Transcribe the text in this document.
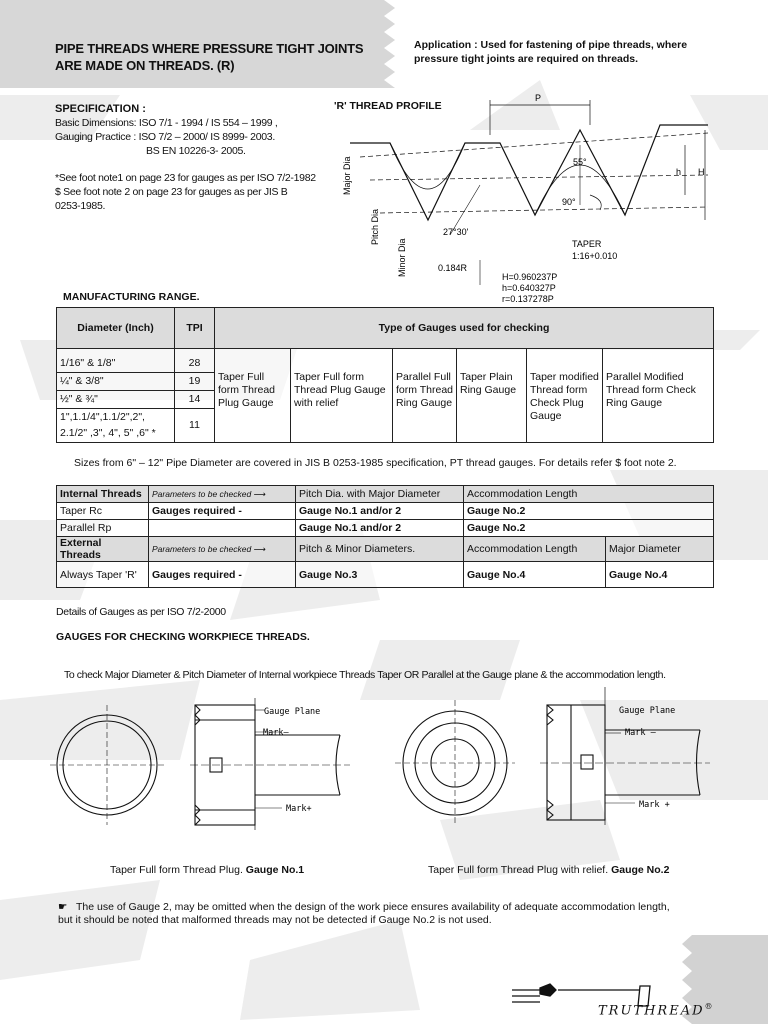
PIPE THREADS WHERE PRESSURE TIGHT JOINTS
ARE MADE ON THREADS. (R)
Application : Used for fastening of pipe threads, where
pressure tight joints are required on threads.
SPECIFICATION :
Basic Dimensions: ISO 7/1 - 1994 / IS 554 – 1999 ,
Gauging Practice : ISO 7/2 – 2000/ IS 8999- 2003.
BS EN 10226-3- 2005.
*See foot note1 on page 23 for gauges as per ISO 7/2-1982
$ See foot note 2 on page 23 for gauges as per JIS B
0253-1985.
'R' THREAD PROFILE
Major Dia
Pitch Dia
Minor Dia
P
55°
90°
27°30'
h H
TAPER
1:16+0.010
0.184R
H=0.960237P
h=0.640327P
r=0.137278P
MANUFACTURING RANGE.
Diameter (Inch)	TPI	Type of Gauges used for checking					
1/16" & 1/8"	28	Taper Full form Thread Plug Gauge	Taper Full form Thread Plug Gauge with relief	Parallel Full form Thread Ring Gauge	Taper Plain Ring Gauge	Taper modified Thread form Check Plug Gauge	Parallel Modified Thread form Check Ring Gauge
¼" & 3/8"	19						
½" & ¾"	14						

1",1.1/4",1.1/2",2",
2.1/2" ,3", 4", 5" ,6" *	11						
Sizes from 6" – 12" Pipe Diameter are covered in JIS B 0253-1985 specification, PT thread gauges. For details refer $ foot note 2.
Internal Threads	Parameters to be checked ⟶	Pitch Dia. with Major Diameter	Accommodation Length	
Taper Rc	Gauges required -	Gauge No.1 and/or 2	Gauge No.2	
Parallel Rp		Gauge No.1 and/or 2	Gauge No.2	
External Threads	Parameters to be checked ⟶	Pitch & Minor Diameters.	Accommodation Length	Major Diameter
Always Taper 'R'	Gauges required -	Gauge No.3	Gauge No.4	Gauge No.4
Details of Gauges as per ISO 7/2-2000
GAUGES FOR CHECKING WORKPIECE THREADS.
To check Major Diameter & Pitch Diameter of Internal workpiece Threads Taper OR Parallel at the Gauge plane & the accommodation length.
Gauge Plane
Mark–
Mark+
Gauge Plane
Mark –
Mark +
Taper Full form Thread Plug. Gauge No.1	Taper Full form Thread Plug with relief. Gauge No.2
☛ The use of Gauge 2, may be omitted when the design of the work piece ensures availability of adequate accommodation length,
but it should be noted that malformed threads may not be detected if Gauge No.2 is not used.
TRUTHREAD®
